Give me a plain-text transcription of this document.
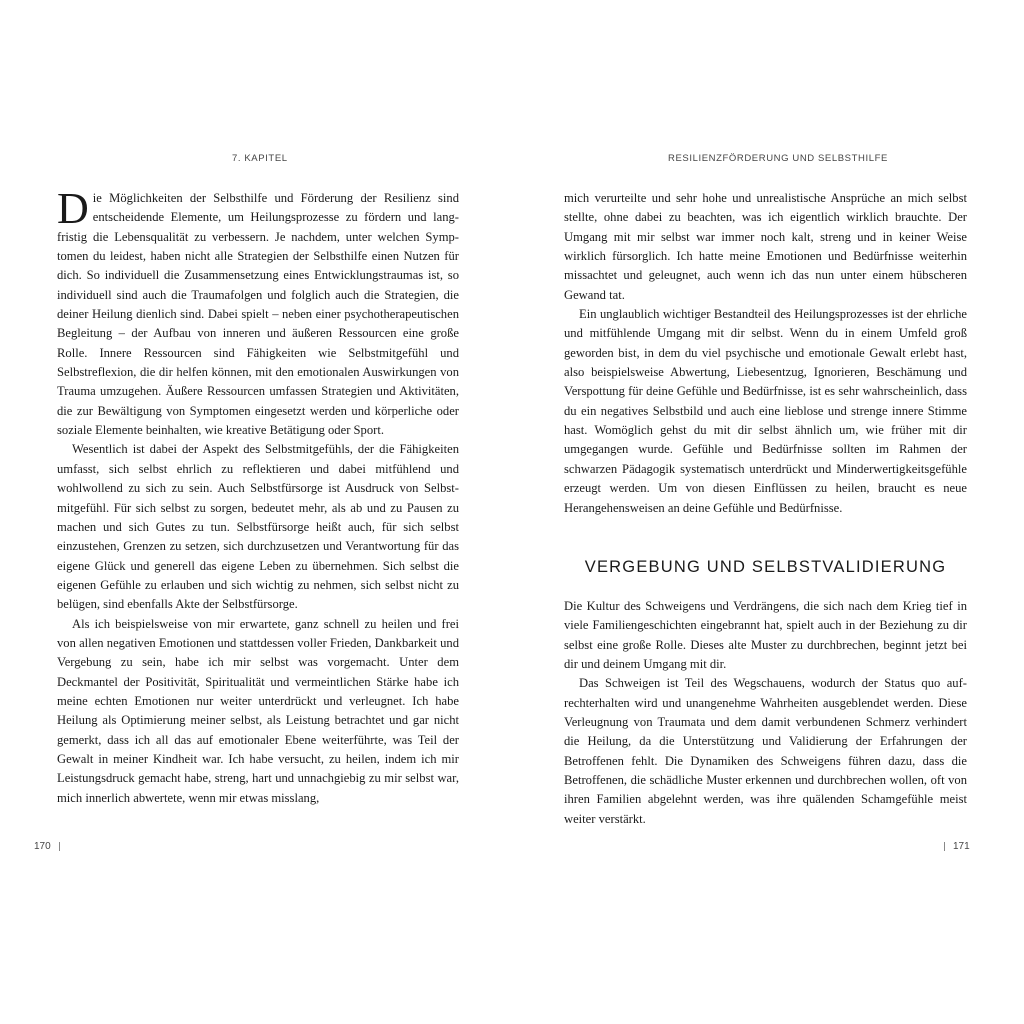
7. KAPITEL

Die Möglichkeiten der Selbsthilfe und Förderung der Resilienz sind entscheidende Elemente, um Heilungsprozesse zu fördern und langfristig die Lebensqualität zu verbessern. Je nachdem, unter welchen Symptomen du leidest, haben nicht alle Strategien der Selbsthilfe einen Nutzen für dich. So individuell die Zusammensetzung eines Entwicklungstraumas ist, so individuell sind auch die Traumafolgen und folglich auch die Strategien, die deiner Heilung dienlich sind. Dabei spielt – neben einer psychotherapeutischen Begleitung – der Aufbau von inneren und äußeren Ressourcen eine große Rolle. Innere Ressourcen sind Fähigkeiten wie Selbstmitgefühl und Selbstreflexion, die dir helfen können, mit den emotionalen Auswirkungen von Trauma umzugehen. Äußere Ressourcen umfassen Strategien und Aktivitäten, die zur Bewältigung von Symptomen eingesetzt werden und körperliche oder soziale Elemente beinhalten, wie kreative Betätigung oder Sport.

Wesentlich ist dabei der Aspekt des Selbstmitgefühls, der die Fähigkeiten umfasst, sich selbst ehrlich zu reflektieren und dabei mitfühlend und wohlwollend zu sich zu sein. Auch Selbstfürsorge ist Ausdruck von Selbstmitgefühl. Für sich selbst zu sorgen, bedeutet mehr, als ab und zu Pausen zu machen und sich Gutes zu tun. Selbstfürsorge heißt auch, für sich selbst einzustehen, Grenzen zu setzen, sich durchzusetzen und Verantwortung für das eigene Glück und generell das eigene Leben zu übernehmen. Sich selbst die eigenen Gefühle zu erlauben und sich wichtig zu nehmen, sich selbst nicht zu belügen, sind ebenfalls Akte der Selbstfürsorge.

Als ich beispielsweise von mir erwartete, ganz schnell zu heilen und frei von allen negativen Emotionen und stattdessen voller Frieden, Dankbarkeit und Vergebung zu sein, habe ich mir selbst was vorgemacht. Unter dem Deckmantel der Positivität, Spiritualität und vermeintlichen Stärke habe ich meine echten Emotionen nur weiter unterdrückt und verleugnet. Ich habe Heilung als Optimierung meiner selbst, als Leistung betrachtet und gar nicht gemerkt, dass ich all das auf emotionaler Ebene weiterführte, was Teil der Gewalt in meiner Kindheit war. Ich habe versucht, zu heilen, indem ich mir Leistungsdruck gemacht habe, streng, hart und unnachgiebig zu mir selbst war, mich innerlich abwertete, wenn mir etwas misslang,

170
RESILIENZFÖRDERUNG UND SELBSTHILFE

mich verurteilte und sehr hohe und unrealistische Ansprüche an mich selbst stellte, ohne dabei zu beachten, was ich eigentlich wirklich brauchte. Der Umgang mit mir selbst war immer noch kalt, streng und in keiner Weise wirklich fürsorglich. Ich hatte meine Emotionen und Bedürfnisse weiterhin missachtet und geleugnet, auch wenn ich das nun unter einem hübscheren Gewand tat.

Ein unglaublich wichtiger Bestandteil des Heilungsprozesses ist der ehrliche und mitfühlende Umgang mit dir selbst. Wenn du in einem Umfeld groß geworden bist, in dem du viel psychische und emotionale Gewalt erlebt hast, also beispielsweise Abwertung, Liebesentzug, Ignorieren, Beschämung und Verspottung für deine Gefühle und Bedürfnisse, ist es sehr wahrscheinlich, dass du ein negatives Selbstbild und auch eine lieblose und strenge innere Stimme hast. Womöglich gehst du mit dir selbst ähnlich um, wie früher mit dir umgegangen wurde. Gefühle und Bedürfnisse sollten im Rahmen der schwarzen Pädagogik systematisch unterdrückt und Minderwertigkeitsgefühle erzeugt werden. Um von diesen Einflüssen zu heilen, braucht es neue Herangehensweisen an deine Gefühle und Bedürfnisse.

VERGEBUNG UND SELBSTVALIDIERUNG

Die Kultur des Schweigens und Verdrängens, die sich nach dem Krieg tief in viele Familiengeschichten eingebrannt hat, spielt auch in der Beziehung zu dir selbst eine große Rolle. Dieses alte Muster zu durchbrechen, beginnt jetzt bei dir und deinem Umgang mit dir.

Das Schweigen ist Teil des Wegschauens, wodurch der Status quo aufrechterhalten wird und unangenehme Wahrheiten ausgeblendet werden. Diese Verleugnung von Traumata und dem damit verbundenen Schmerz verhindert die Heilung, da die Unterstützung und Validierung der Erfahrungen der Betroffenen fehlt. Die Dynamiken des Schweigens führen dazu, dass die Betroffenen, die schädliche Muster erkennen und durchbrechen wollen, oft von ihren Familien abgelehnt werden, was ihre quälenden Schamgefühle meist weiter verstärkt.

171
